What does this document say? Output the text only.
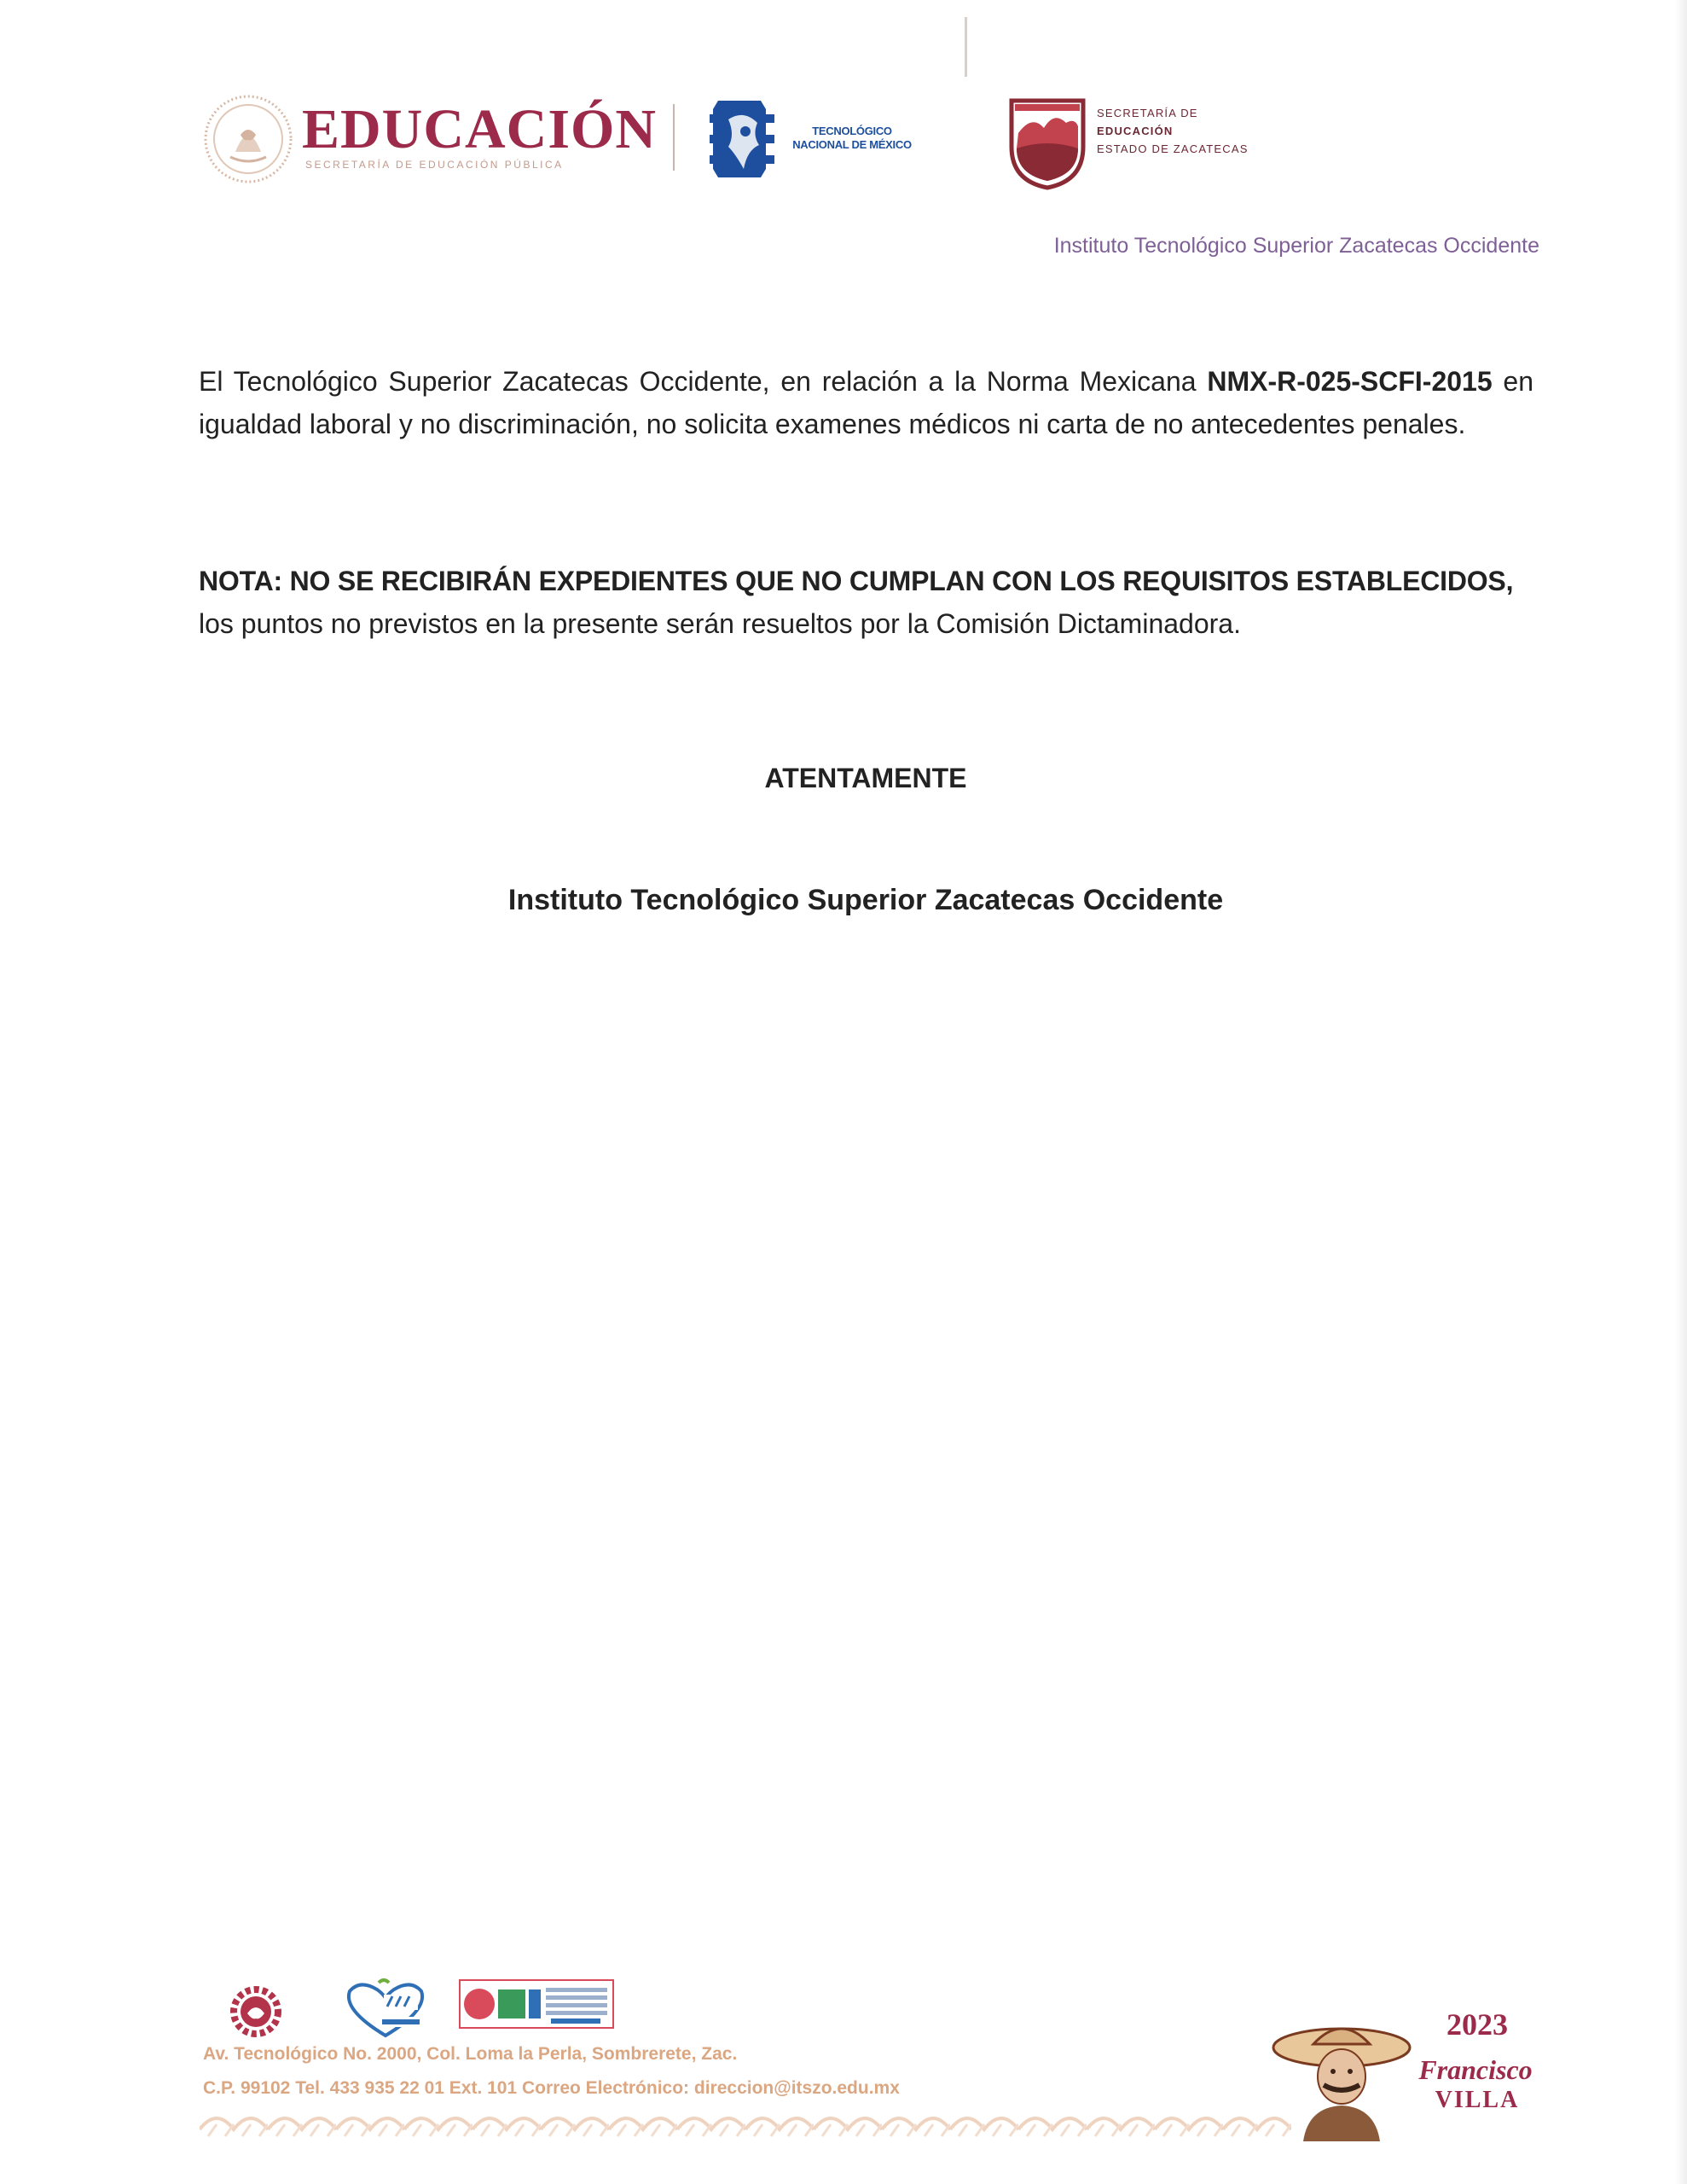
EDUCACIÓN
SECRETARÍA DE EDUCACIÓN PÚBLICA
TECNOLÓGICO
NACIONAL DE MÉXICO
SECRETARÍA DE
EDUCACIÓN
ESTADO DE ZACATECAS
Instituto Tecnológico Superior Zacatecas Occidente
El Tecnológico Superior Zacatecas Occidente, en relación a la Norma Mexicana NMX-R-025-SCFI-2015 en igualdad laboral y no discriminación, no solicita examenes médicos ni carta de no antecedentes penales.
NOTA: NO SE RECIBIRÁN EXPEDIENTES QUE NO CUMPLAN CON LOS REQUISITOS ESTABLECIDOS,
los puntos no previstos en la presente serán resueltos por la Comisión Dictaminadora.
ATENTAMENTE
Instituto Tecnológico Superior Zacatecas Occidente
Av. Tecnológico No. 2000, Col. Loma la Perla, Sombrerete, Zac.
C.P. 99102 Tel. 433 935 22 01 Ext. 101 Correo Electrónico: direccion@itszo.edu.mx
2023
Francisco
VILLA
